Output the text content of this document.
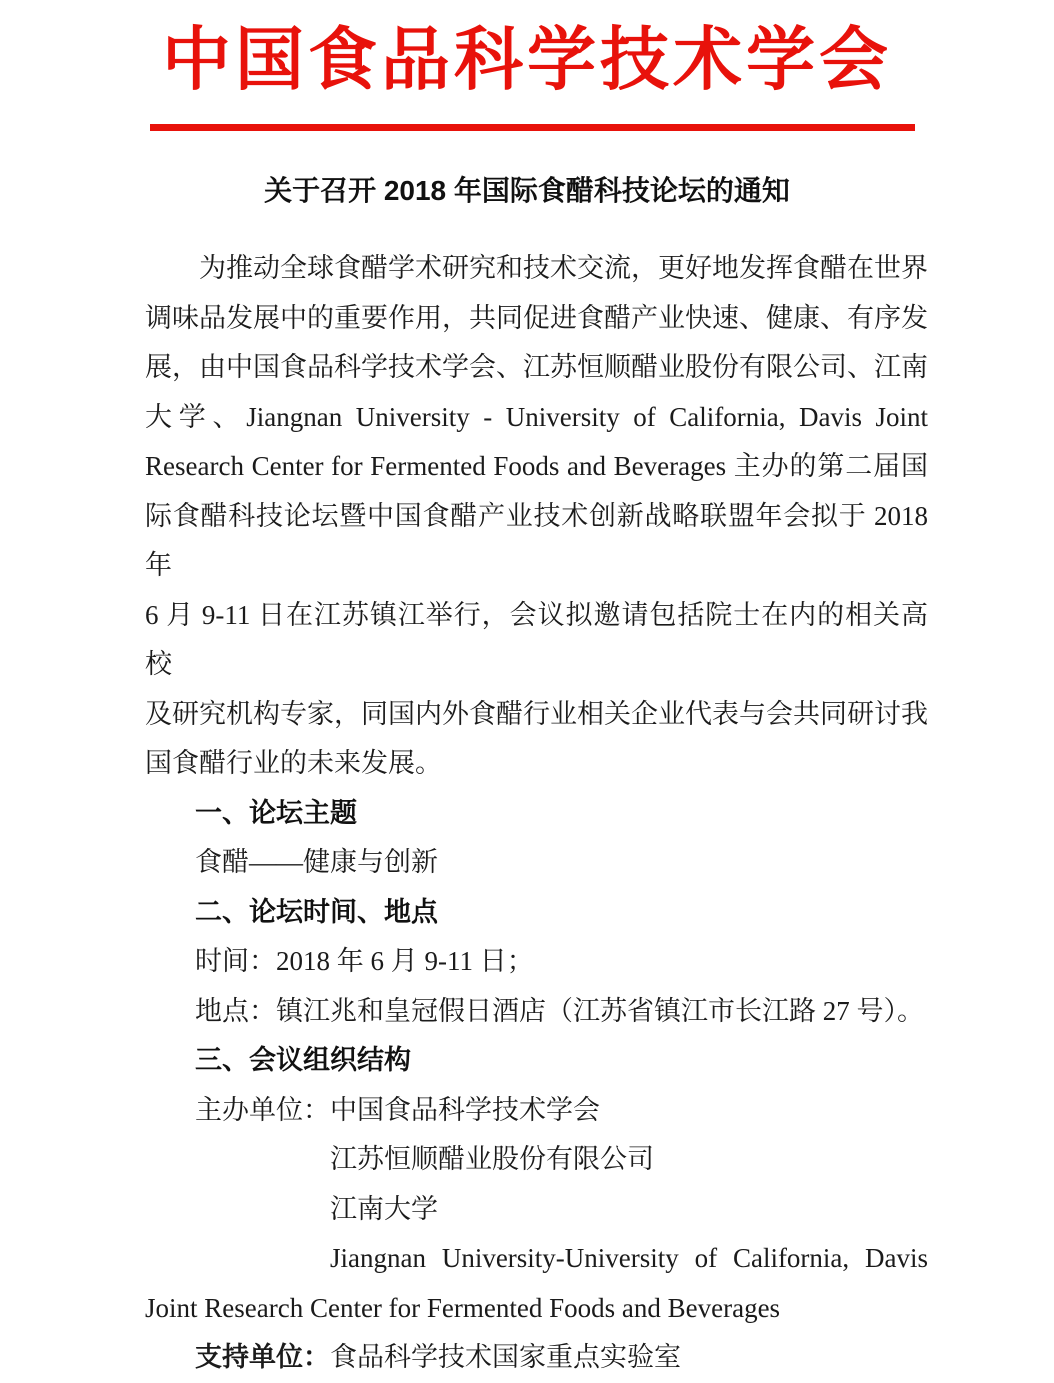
中国食品科学技术学会
关于召开 2018 年国际食醋科技论坛的通知
为推动全球食醋学术研究和技术交流，更好地发挥食醋在世界
调味品发展中的重要作用，共同促进食醋产业快速、健康、有序发
展，由中国食品科学技术学会、江苏恒顺醋业股份有限公司、江南
大学、Jiangnan University - University of California, Davis Joint
Research Center for Fermented Foods and Beverages 主办的第二届国
际食醋科技论坛暨中国食醋产业技术创新战略联盟年会拟于 2018 年
6 月 9-11 日在江苏镇江举行，会议拟邀请包括院士在内的相关高校
及研究机构专家，同国内外食醋行业相关企业代表与会共同研讨我
国食醋行业的未来发展。
一、论坛主题
食醋——健康与创新
二、论坛时间、地点
时间：2018 年 6 月 9-11 日；
地点：镇江兆和皇冠假日酒店（江苏省镇江市长江路 27 号）。
三、会议组织结构
主办单位：中国食品科学技术学会
江苏恒顺醋业股份有限公司
江南大学
Jiangnan University-University of California, Davis
Joint Research Center for Fermented Foods and Beverages
支持单位：食品科学技术国家重点实验室
